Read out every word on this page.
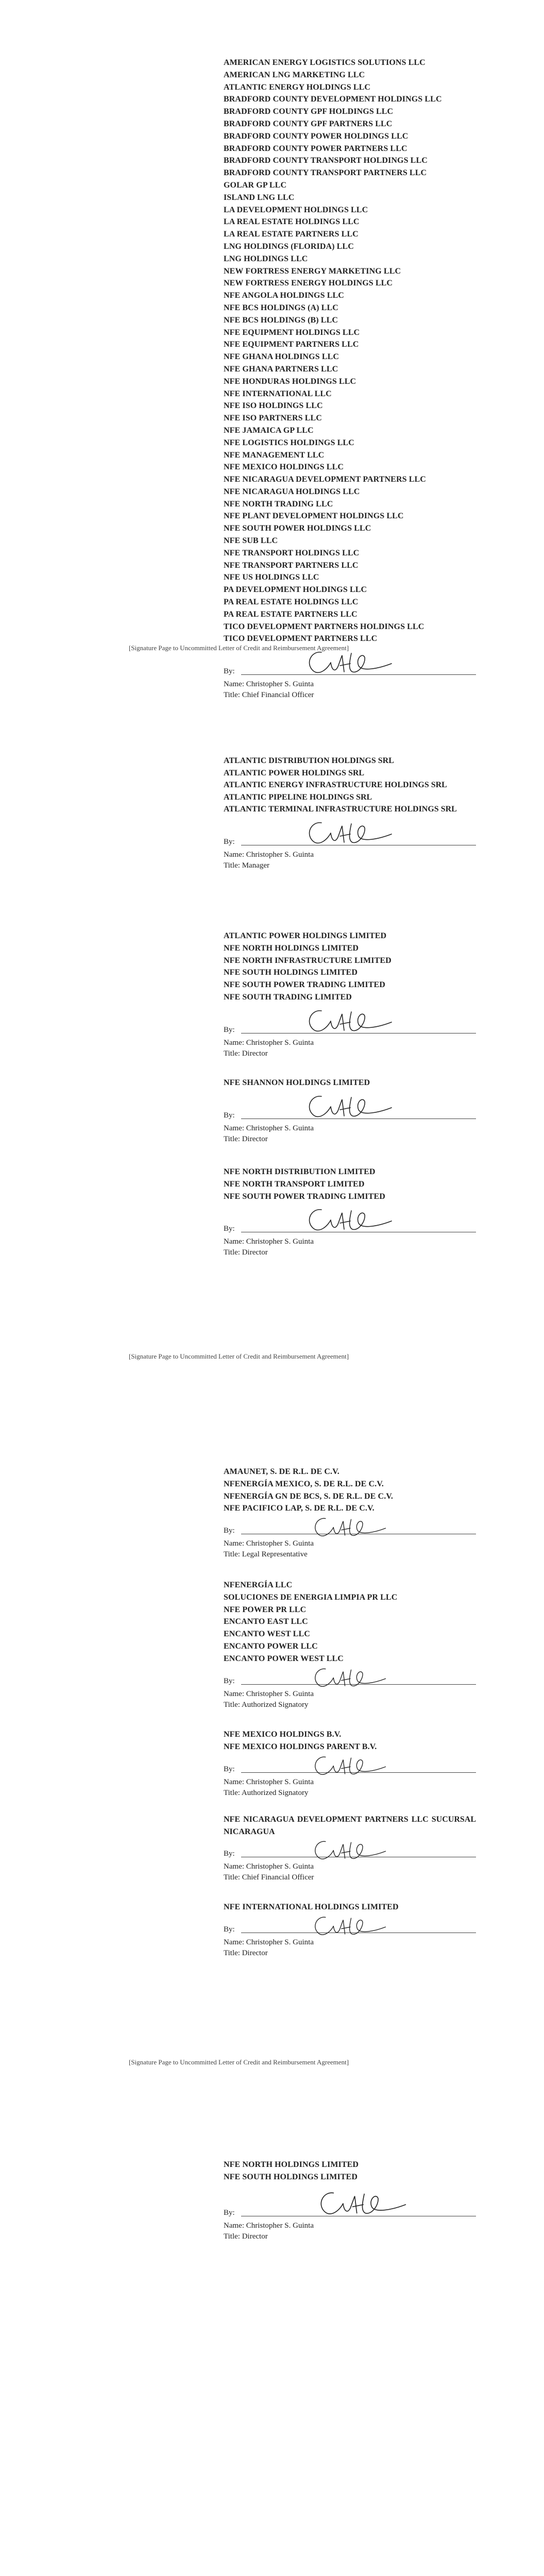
AMERICAN ENERGY LOGISTICS SOLUTIONS LLC
AMERICAN LNG MARKETING LLC
ATLANTIC ENERGY HOLDINGS LLC
BRADFORD COUNTY DEVELOPMENT HOLDINGS LLC
BRADFORD COUNTY GPF HOLDINGS LLC
BRADFORD COUNTY GPF PARTNERS LLC
BRADFORD COUNTY POWER HOLDINGS LLC
BRADFORD COUNTY POWER PARTNERS LLC
BRADFORD COUNTY TRANSPORT HOLDINGS LLC
BRADFORD COUNTY TRANSPORT PARTNERS LLC
GOLAR GP LLC
ISLAND LNG LLC
LA DEVELOPMENT HOLDINGS LLC
LA REAL ESTATE HOLDINGS LLC
LA REAL ESTATE PARTNERS LLC
LNG HOLDINGS (FLORIDA) LLC
LNG HOLDINGS LLC
NEW FORTRESS ENERGY MARKETING LLC
NEW FORTRESS ENERGY HOLDINGS LLC
NFE ANGOLA HOLDINGS LLC
NFE BCS HOLDINGS (A) LLC
NFE BCS HOLDINGS (B) LLC
NFE EQUIPMENT HOLDINGS LLC
NFE EQUIPMENT PARTNERS LLC
NFE GHANA HOLDINGS LLC
NFE GHANA PARTNERS LLC
NFE HONDURAS HOLDINGS LLC
NFE INTERNATIONAL LLC
NFE ISO HOLDINGS LLC
NFE ISO PARTNERS LLC
NFE JAMAICA GP LLC
NFE LOGISTICS HOLDINGS LLC
NFE MANAGEMENT LLC
NFE MEXICO HOLDINGS LLC
NFE NICARAGUA DEVELOPMENT PARTNERS LLC
NFE NICARAGUA HOLDINGS LLC
NFE NORTH TRADING LLC
NFE PLANT DEVELOPMENT HOLDINGS LLC
NFE SOUTH POWER HOLDINGS LLC
NFE SUB LLC
NFE TRANSPORT HOLDINGS LLC
NFE TRANSPORT PARTNERS LLC
NFE US HOLDINGS LLC
PA DEVELOPMENT HOLDINGS LLC
PA REAL ESTATE HOLDINGS LLC
PA REAL ESTATE PARTNERS LLC
TICO DEVELOPMENT PARTNERS HOLDINGS LLC
TICO DEVELOPMENT PARTNERS LLC
By:
Name: Christopher S. Guinta
Title: Chief Financial Officer
[Signature Page to Uncommitted Letter of Credit and Reimbursement Agreement]
ATLANTIC DISTRIBUTION HOLDINGS SRL
ATLANTIC POWER HOLDINGS SRL
ATLANTIC ENERGY INFRASTRUCTURE HOLDINGS SRL
ATLANTIC PIPELINE HOLDINGS SRL
ATLANTIC TERMINAL INFRASTRUCTURE HOLDINGS SRL
By:
Name: Christopher S. Guinta
Title: Manager
ATLANTIC POWER HOLDINGS LIMITED
NFE NORTH HOLDINGS LIMITED
NFE NORTH INFRASTRUCTURE LIMITED
NFE SOUTH HOLDINGS LIMITED
NFE SOUTH POWER TRADING LIMITED
NFE SOUTH TRADING LIMITED
By:
Name: Christopher S. Guinta
Title: Director
NFE SHANNON HOLDINGS LIMITED
By:
Name: Christopher S. Guinta
Title: Director
NFE NORTH DISTRIBUTION LIMITED
NFE NORTH TRANSPORT LIMITED
NFE SOUTH POWER TRADING LIMITED
By:
Name: Christopher S. Guinta
Title: Director
[Signature Page to Uncommitted Letter of Credit and Reimbursement Agreement]
AMAUNET, S. DE R.L. DE C.V.
NFENERGÍA MEXICO, S. DE R.L. DE C.V.
NFENERGÍA GN DE BCS, S. DE R.L. DE C.V.
NFE PACIFICO LAP, S. DE R.L. DE C.V.
By:
Name: Christopher S. Guinta
Title: Legal Representative
NFENERGÍA LLC
SOLUCIONES DE ENERGIA LIMPIA PR LLC
NFE POWER PR LLC
ENCANTO EAST LLC
ENCANTO WEST LLC
ENCANTO POWER LLC
ENCANTO POWER WEST LLC
By:
Name: Christopher S. Guinta
Title: Authorized Signatory
NFE MEXICO HOLDINGS B.V.
NFE MEXICO HOLDINGS PARENT B.V.
By:
Name: Christopher S. Guinta
Title: Authorized Signatory
NFE NICARAGUA DEVELOPMENT PARTNERS LLC SUCURSAL NICARAGUA
By:
Name: Christopher S. Guinta
Title: Chief Financial Officer
NFE INTERNATIONAL HOLDINGS LIMITED
By:
Name: Christopher S. Guinta
Title: Director
[Signature Page to Uncommitted Letter of Credit and Reimbursement Agreement]
NFE NORTH HOLDINGS LIMITED
NFE SOUTH HOLDINGS LIMITED
By:
Name: Christopher S. Guinta
Title: Director
